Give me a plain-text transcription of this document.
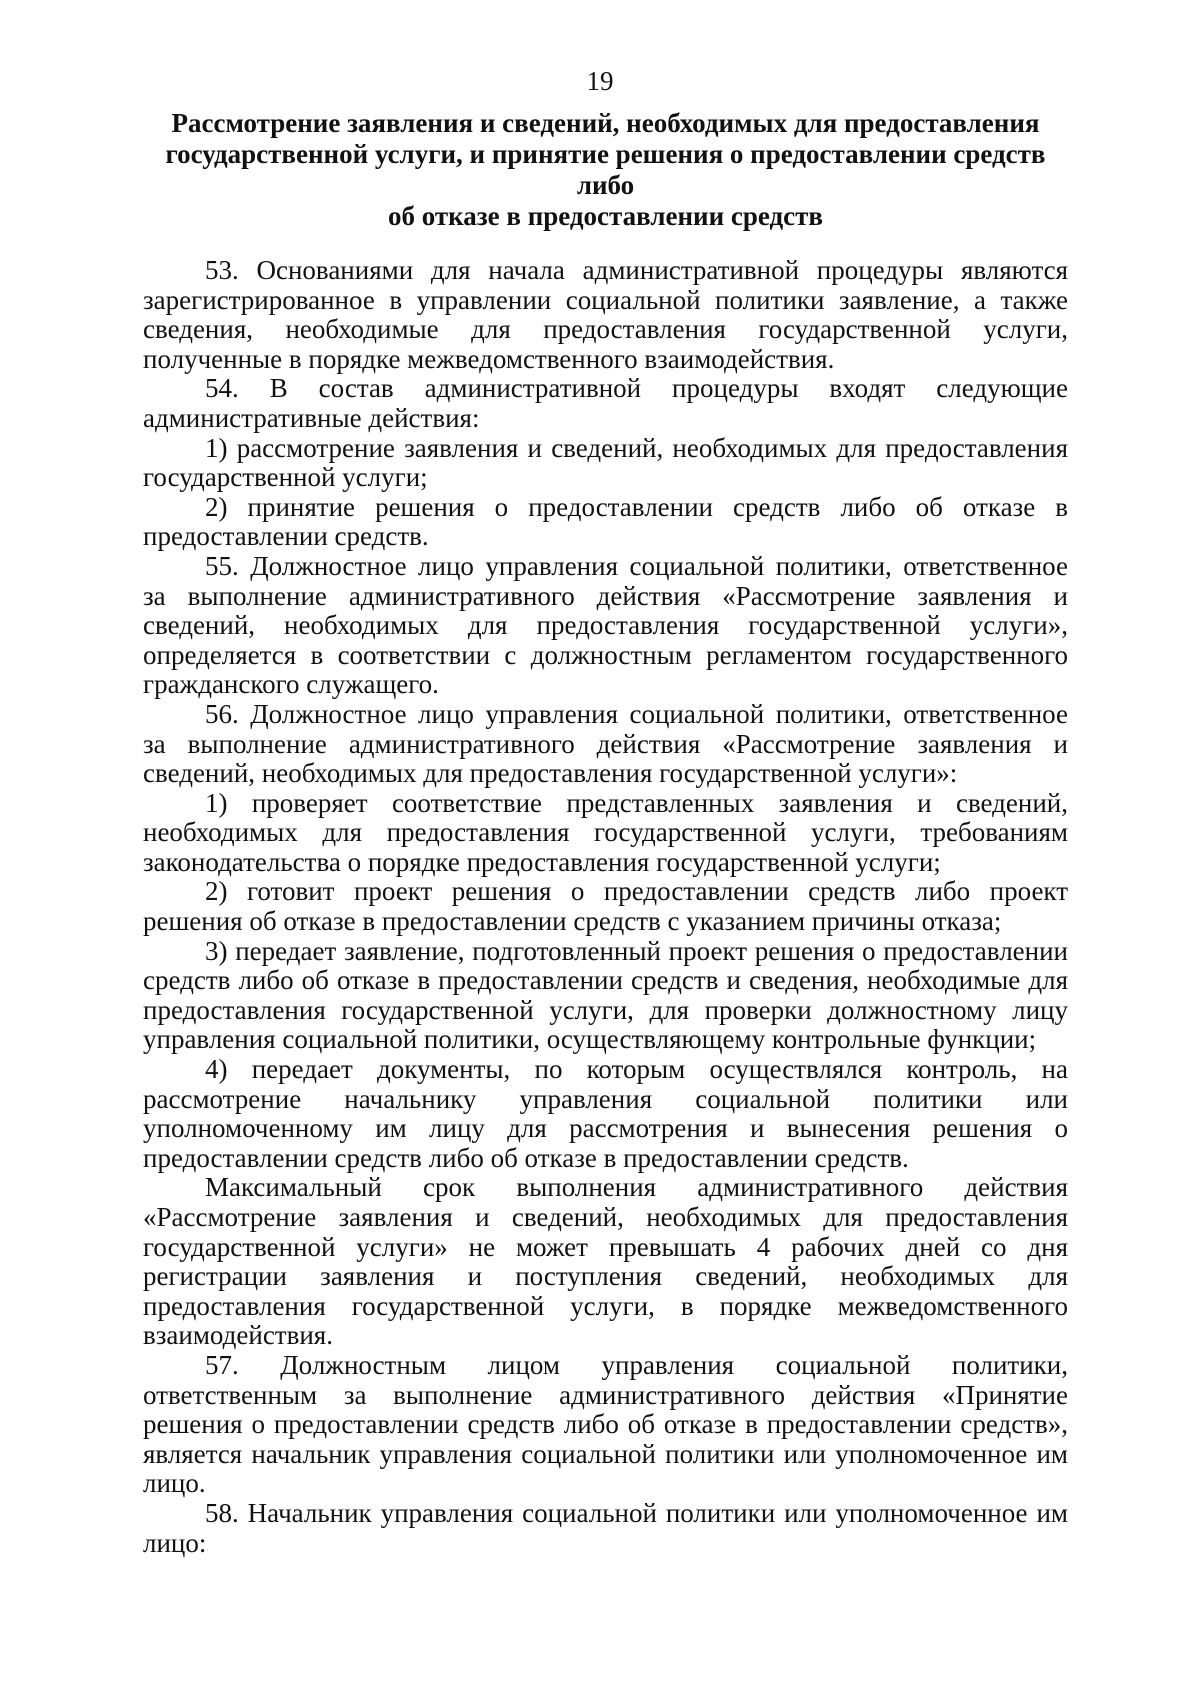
19
Рассмотрение заявления и сведений, необходимых для предоставления
государственной услуги, и принятие решения о предоставлении средств либо
об отказе в предоставлении средств

53. Основаниями для начала административной процедуры являются зарегистрированное в управлении социальной политики заявление, а также сведения, необходимые для предоставления государственной услуги, полученные в порядке межведомственного взаимодействия.

54. В состав административной процедуры входят следующие административные действия:

1) рассмотрение заявления и сведений, необходимых для предоставления государственной услуги;

2) принятие решения о предоставлении средств либо об отказе в предоставлении средств.

55. Должностное лицо управления социальной политики, ответственное за выполнение административного действия «Рассмотрение заявления и сведений, необходимых для предоставления государственной услуги», определяется в соответствии с должностным регламентом государственного гражданского служащего.

56. Должностное лицо управления социальной политики, ответственное за выполнение административного действия «Рассмотрение заявления и сведений, необходимых для предоставления государственной услуги»:

1) проверяет соответствие представленных заявления и сведений, необходимых для предоставления государственной услуги, требованиям законодательства о порядке предоставления государственной услуги;

2) готовит проект решения о предоставлении средств либо проект решения об отказе в предоставлении средств с указанием причины отказа;

3) передает заявление, подготовленный проект решения о предоставлении средств либо об отказе в предоставлении средств и сведения, необходимые для предоставления государственной услуги, для проверки должностному лицу управления социальной политики, осуществляющему контрольные функции;

4) передает документы, по которым осуществлялся контроль, на рассмотрение начальнику управления социальной политики или уполномоченному им лицу для рассмотрения и вынесения решения о предоставлении средств либо об отказе в предоставлении средств.

Максимальный срок выполнения административного действия «Рассмотрение заявления и сведений, необходимых для предоставления государственной услуги» не может превышать 4 рабочих дней со дня регистрации заявления и поступления сведений, необходимых для предоставления государственной услуги, в порядке межведомственного взаимодействия.

57. Должностным лицом управления социальной политики, ответственным за выполнение административного действия «Принятие решения о предоставлении средств либо об отказе в предоставлении средств», является начальник управления социальной политики или уполномоченное им лицо.

58. Начальник управления социальной политики или уполномоченное им лицо:
